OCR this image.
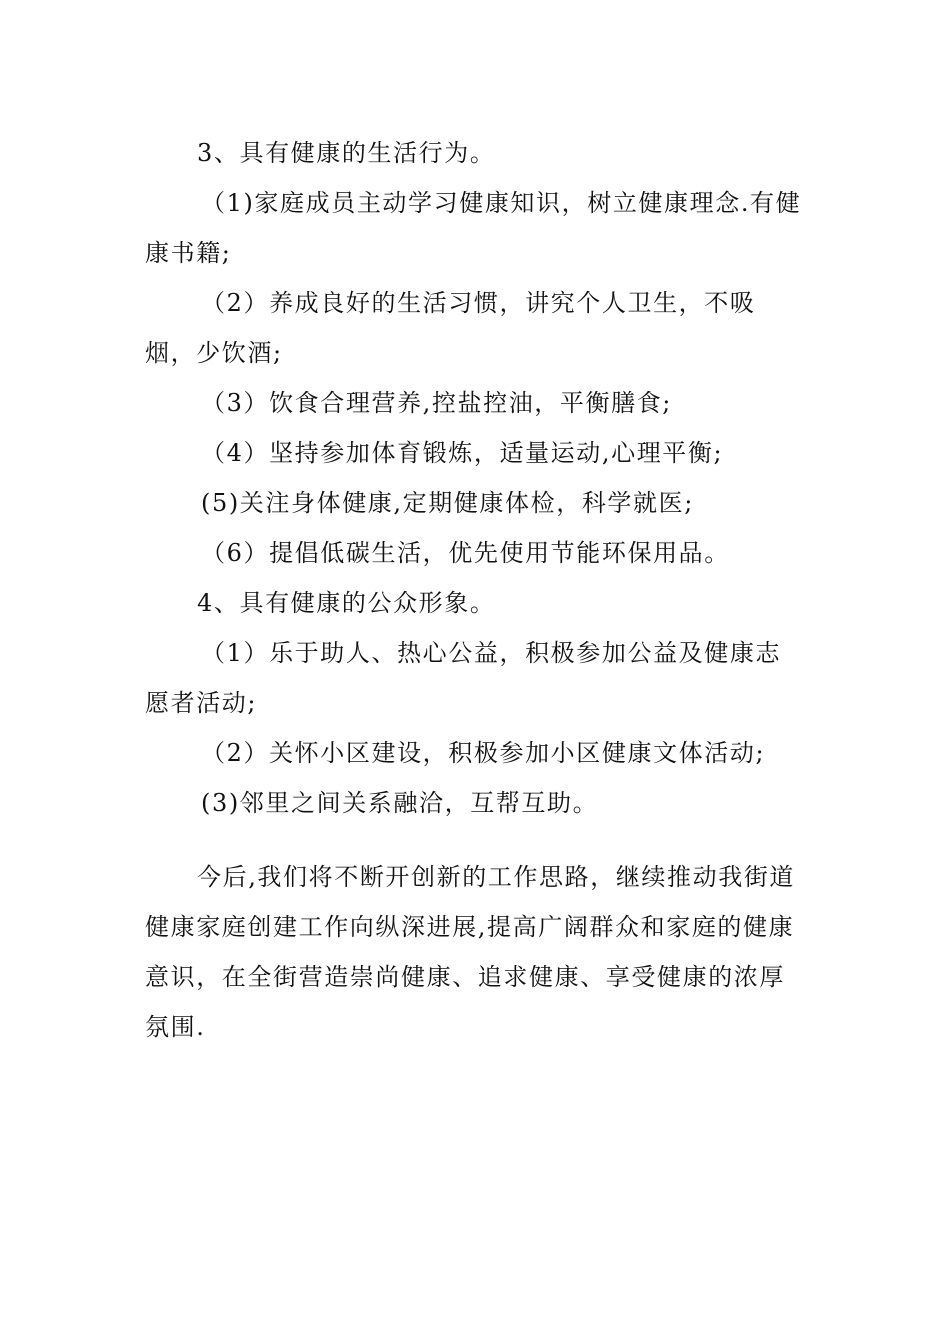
3、具有健康的生活行为。

（1)家庭成员主动学习健康知识，树立健康理念.有健康书籍;

（2）养成良好的生活习惯，讲究个人卫生，不吸烟，少饮酒;

（3）饮食合理营养,控盐控油，平衡膳食;

（4）坚持参加体育锻炼，适量运动,心理平衡;

(5)关注身体健康,定期健康体检，科学就医;

（6）提倡低碳生活，优先使用节能环保用品。

4、具有健康的公众形象。

（1）乐于助人、热心公益，积极参加公益及健康志愿者活动;

（2）关怀小区建设，积极参加小区健康文体活动;

(3)邻里之间关系融洽，互帮互助。

今后,我们将不断开创新的工作思路，继续推动我街道健康家庭创建工作向纵深进展,提高广阔群众和家庭的健康意识，在全街营造崇尚健康、追求健康、享受健康的浓厚氛围.
